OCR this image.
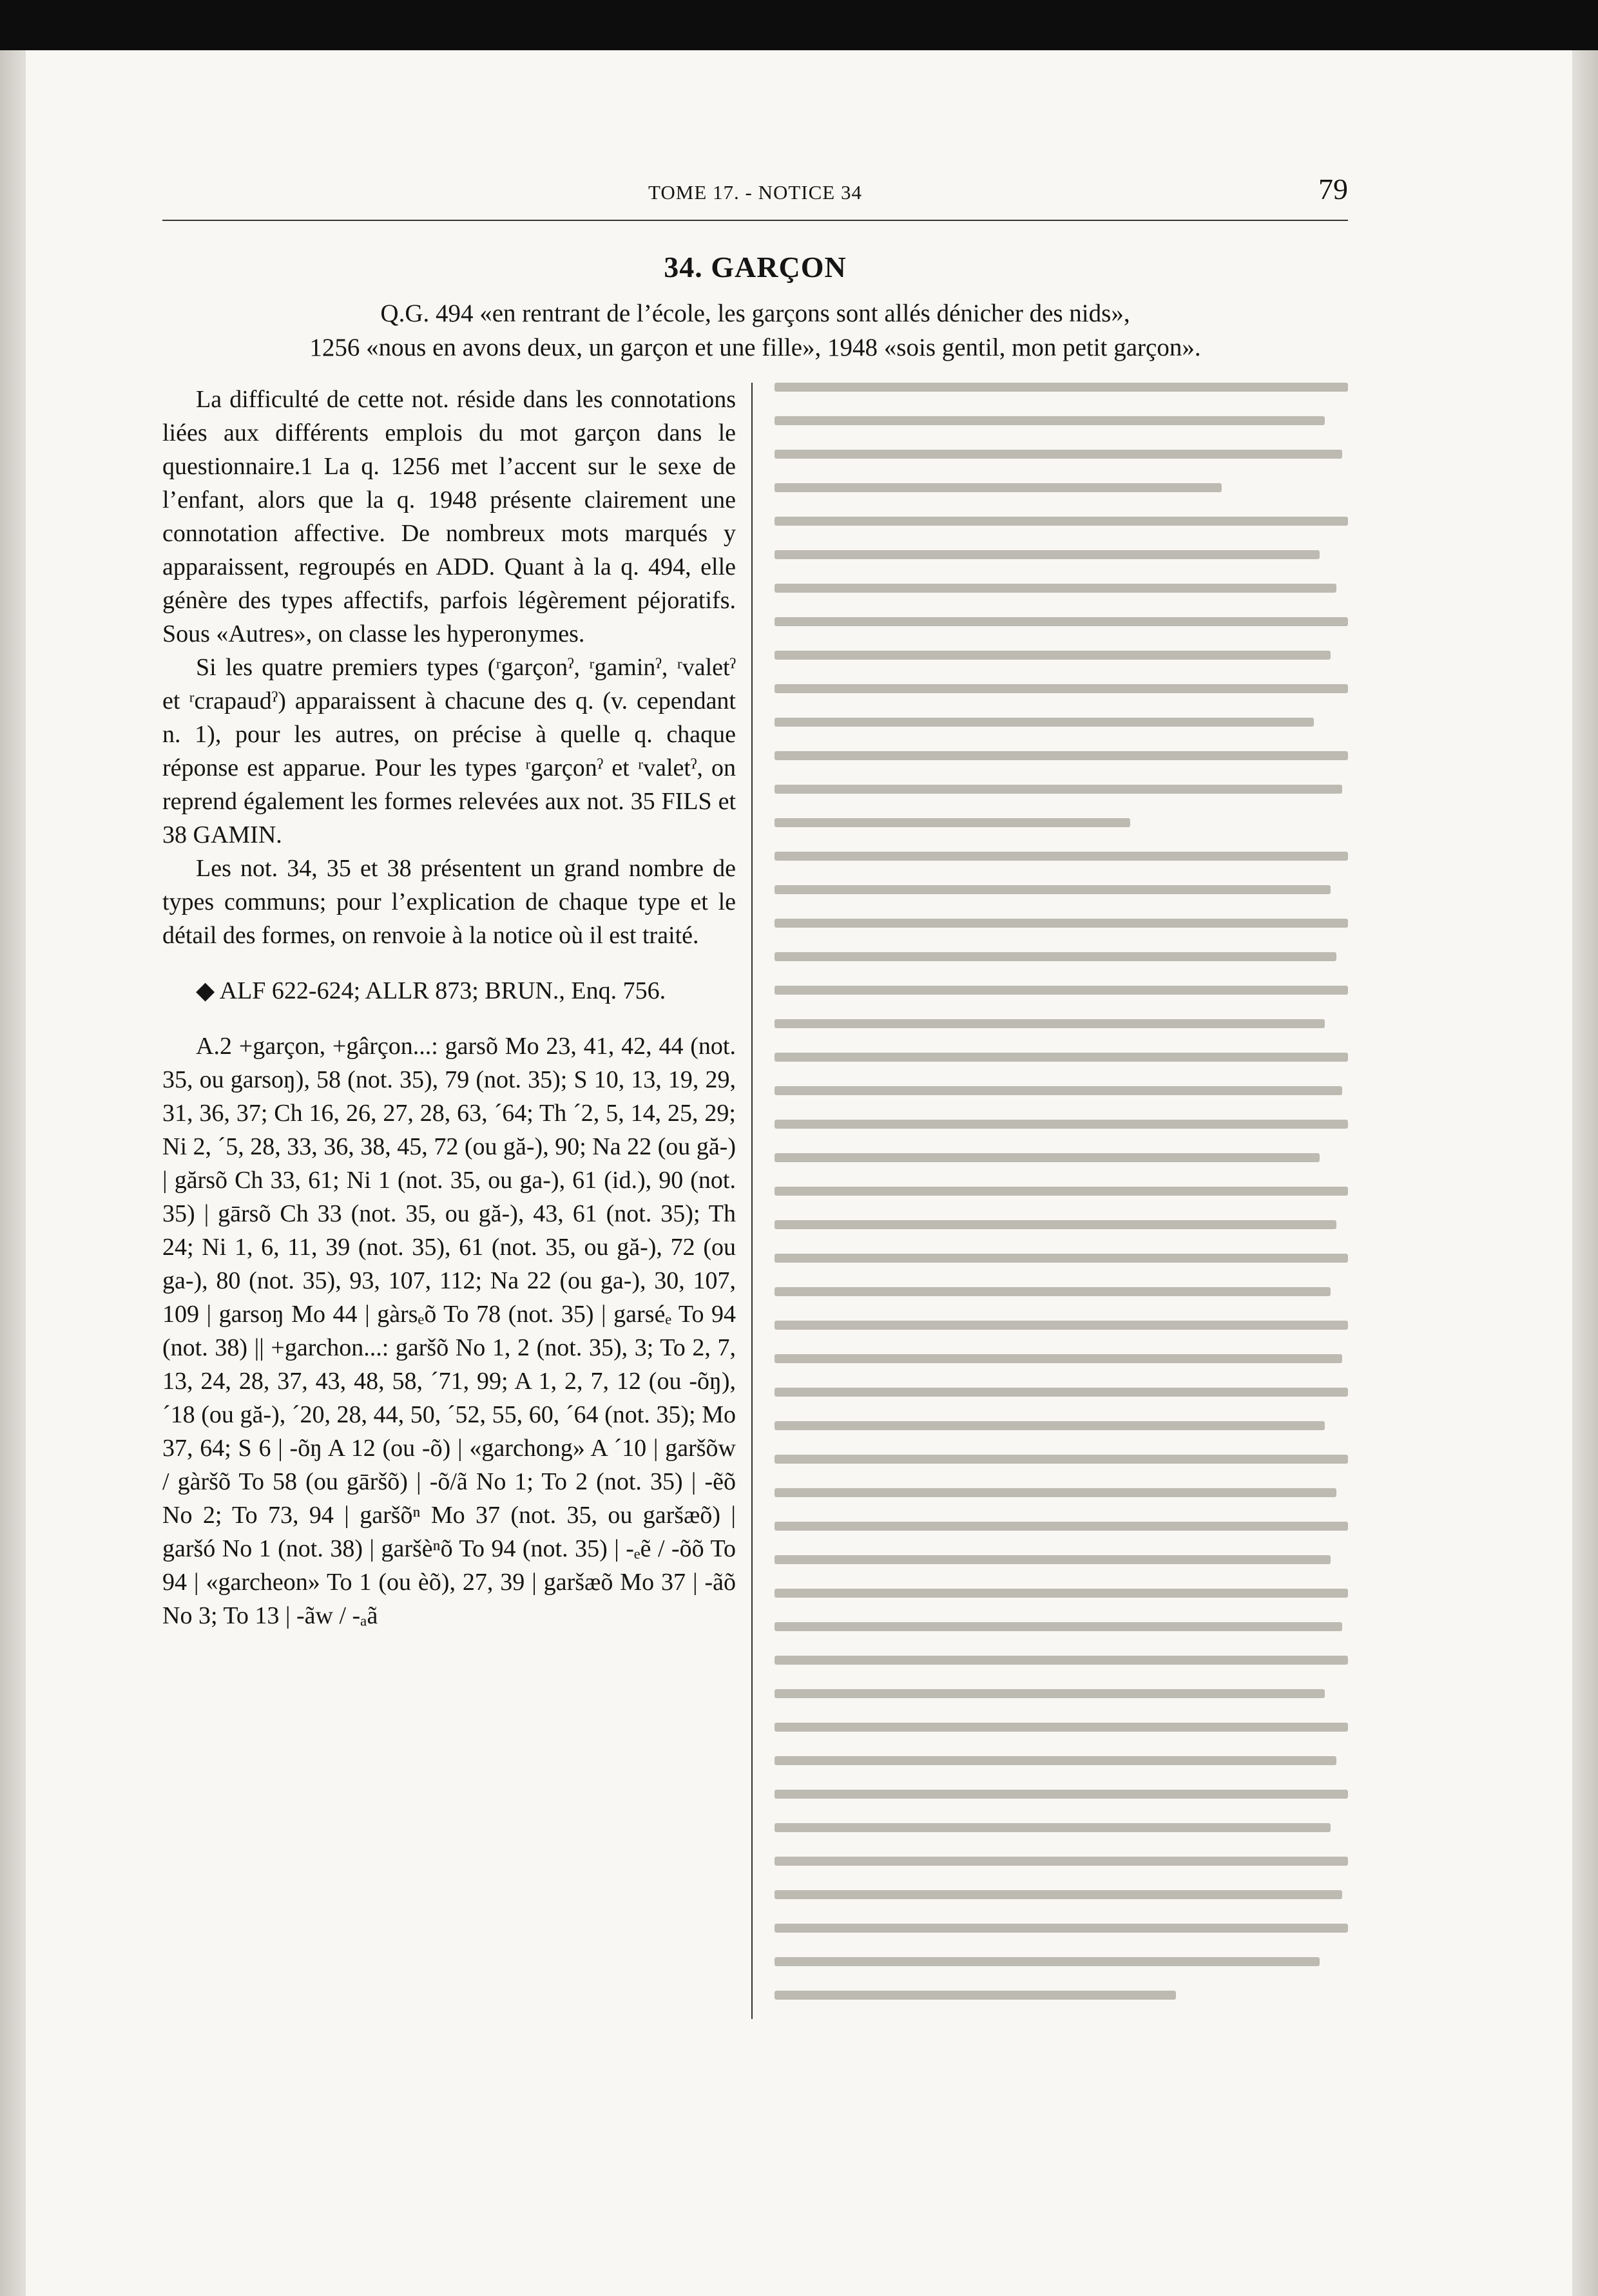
TOME 17. - NOTICE 34	79
34. GARÇON
Q.G. 494 «en rentrant de l’école, les garçons sont allés dénicher des nids»,
1256 «nous en avons deux, un garçon et une fille», 1948 «sois gentil, mon petit garçon».

La difficulté de cette not. réside dans les connotations liées aux différents emplois du mot garçon dans le questionnaire.1 La q. 1256 met l’accent sur le sexe de l’enfant, alors que la q. 1948 présente clairement une connotation affective. De nombreux mots marqués y apparaissent, regroupés en ADD. Quant à la q. 494, elle génère des types affectifs, parfois légèrement péjoratifs. Sous «Autres», on classe les hyperonymes.

Si les quatre premiers types (ʳgarçonˀ, ʳgaminˀ, ʳvaletˀ et ʳcrapaudˀ) apparaissent à chacune des q. (v. cependant n. 1), pour les autres, on précise à quelle q. chaque réponse est apparue. Pour les types ʳgarçonˀ et ʳvaletˀ, on reprend également les formes relevées aux not. 35 FILS et 38 GAMIN.

Les not. 34, 35 et 38 présentent un grand nombre de types communs; pour l’explication de chaque type et le détail des formes, on renvoie à la notice où il est traité.

◆ ALF 622-624; ALLR 873; BRUN., Enq. 756.

A.2 +garçon, +gârçon...: garsõ Mo 23, 41, 42, 44 (not. 35, ou garsoŋ), 58 (not. 35), 79 (not. 35); S 10, 13, 19, 29, 31, 36, 37; Ch 16, 26, 27, 28, 63, ´64; Th ´2, 5, 14, 25, 29; Ni 2, ´5, 28, 33, 36, 38, 45, 72 (ou gă-), 90; Na 22 (ou gă-) | gărsõ Ch 33, 61; Ni 1 (not. 35, ou ga-), 61 (id.), 90 (not. 35) | gārsõ Ch 33 (not. 35, ou gă-), 43, 61 (not. 35); Th 24; Ni 1, 6, 11, 39 (not. 35), 61 (not. 35, ou gă-), 72 (ou ga-), 80 (not. 35), 93, 107, 112; Na 22 (ou ga-), 30, 107, 109 | garsoŋ Mo 44 | gàrsₑõ To 78 (not. 35) | garséₑ To 94 (not. 38) || +garchon...: garšõ No 1, 2 (not. 35), 3; To 2, 7, 13, 24, 28, 37, 43, 48, 58, ´71, 99; A 1, 2, 7, 12 (ou -õŋ), ´18 (ou gă-), ´20, 28, 44, 50, ´52, 55, 60, ´64 (not. 35); Mo 37, 64; S 6 | -õŋ A 12 (ou -õ) | «garchong» A ´10 | garšõw / gàršõ To 58 (ou gāršõ) | -õ/ã No 1; To 2 (not. 35) | -ẽõ No 2; To 73, 94 | garšõⁿ Mo 37 (not. 35, ou garšæõ) | garšó No 1 (not. 38) | garšèⁿõ To 94 (not. 35) | -ₑẽ / -õõ To 94 | «garcheon» To 1 (ou èõ), 27, 39 | garšæõ Mo 37 | -ãõ No 3; To 13 | -ãw / -ₐã
